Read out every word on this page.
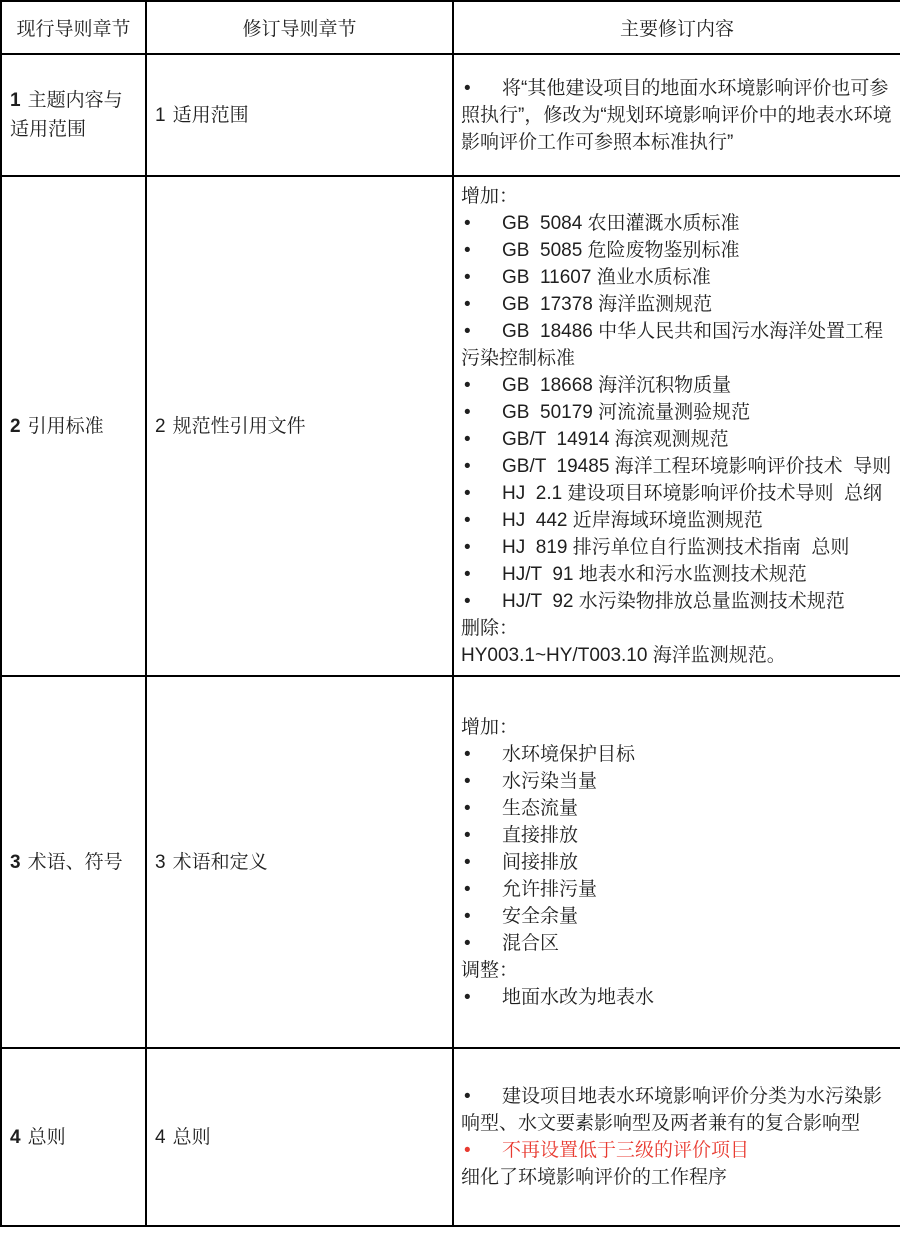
现行导则章节	修订导则章节	主要修订内容
1 主题内容与适用范围	1 适用范围	• 将“其他建设项目的地面水环境影响评价也可参照执行”，修改为“规划环境影响评价中的地表水环境影响评价工作可参照本标准执行”

2 引用标准	2 规范性引用文件	
增加：
• GB  5084 农田灌溉水质标准
• GB  5085 危险废物鉴别标准
• GB  11607 渔业水质标准
• GB  17378 海洋监测规范
• GB  18486 中华人民共和国污水海洋处置工程污染控制标准
• GB  18668 海洋沉积物质量
• GB  50179 河流流量测验规范
• GB/T  14914 海滨观测规范
• GB/T  19485 海洋工程环境影响评价技术  导则
• HJ  2.1 建设项目环境影响评价技术导则  总纲
• HJ  442 近岸海域环境监测规范
• HJ  819 排污单位自行监测技术指南  总则
• HJ/T  91 地表水和污水监测技术规范
• HJ/T  92 水污染物排放总量监测技术规范
删除：
HY003.1~HY/T003.10 海洋监测规范。

3 术语、符号	3 术语和定义	
增加：
• 水环境保护目标
• 水污染当量
• 生态流量
• 直接排放
• 间接排放
• 允许排污量
• 安全余量
• 混合区
调整：
• 地面水改为地表水

4 总则	4 总则	• 建设项目地表水环境影响评价分类为水污染影响型、水文要素影响型及两者兼有的复合影响型
• 不再设置低于三级的评价项目
细化了环境影响评价的工作程序
